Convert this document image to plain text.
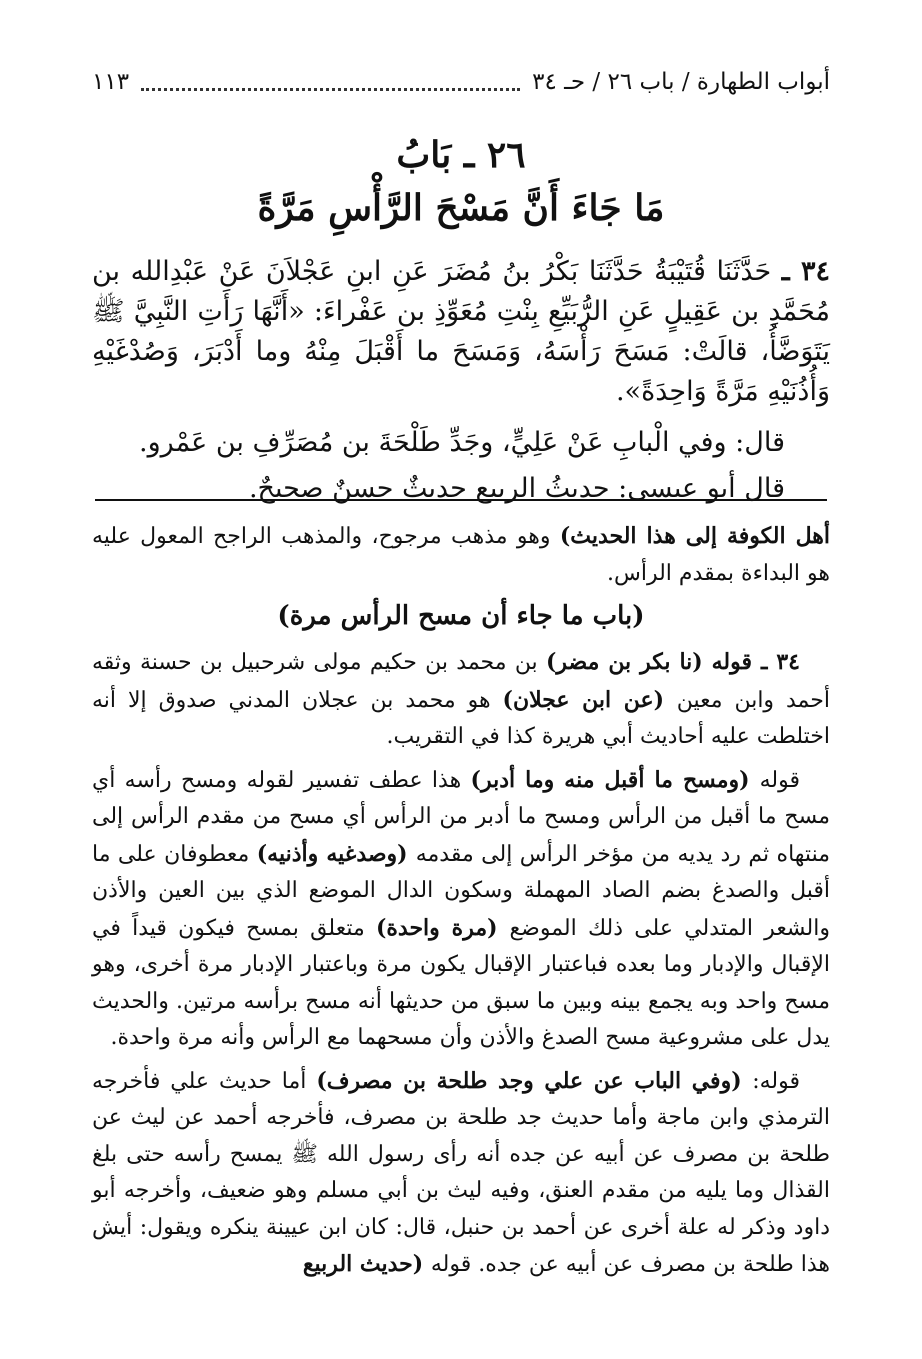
أبواب الطهارة / باب ٢٦ / حـ ٣٤
١١٣
٢٦ ـ بَابُ
مَا جَاءَ أَنَّ مَسْحَ الرَّأْسِ مَرَّةً

٣٤ ـ حَدَّثَنَا قُتَيْبَةُ حَدَّثَنَا بَكْرُ بنُ مُضَرَ عَنِ ابنِ عَجْلاَنَ عَنْ عَبْدِالله بن مُحَمَّدِ بن عَقِيلٍ عَنِ الرُّبَيِّعِ بِنْتِ مُعَوِّذِ بن عَفْراءَ: «أَنَّهَا رَأَتِ النَّبِيَّ ﷺ يَتَوَضَّأُ، قالَتْ: مَسَحَ رَأْسَهُ، وَمَسَحَ ما أَقْبَلَ مِنْهُ وما أَدْبَرَ، وَصُدْغَيْهِ وَأُذُنَيْهِ مَرَّةً وَاحِدَةً».

قال: وفي الْبابِ عَنْ عَلِيٍّ، وجَدِّ طَلْحَةَ بن مُصَرِّفِ بن عَمْرو.
قال أبو عيسى: حديثُ الربيع حديثٌ حسنٌ صحيحٌ.

أهل الكوفة إلى هذا الحديث) وهو مذهب مرجوح، والمذهب الراجح المعول عليه هو البداءة بمقدم الرأس.

(باب ما جاء أن مسح الرأس مرة)

٣٤ ـ قوله (نا بكر بن مضر) بن محمد بن حكيم مولى شرحبيل بن حسنة وثقه أحمد وابن معين (عن ابن عجلان) هو محمد بن عجلان المدني صدوق إلا أنه اختلطت عليه أحاديث أبي هريرة كذا في التقريب.

قوله (ومسح ما أقبل منه وما أدبر) هذا عطف تفسير لقوله ومسح رأسه أي مسح ما أقبل من الرأس ومسح ما أدبر من الرأس أي مسح من مقدم الرأس إلى منتهاه ثم رد يديه من مؤخر الرأس إلى مقدمه (وصدغيه وأذنيه) معطوفان على ما أقبل والصدغ بضم الصاد المهملة وسكون الدال الموضع الذي بين العين والأذن والشعر المتدلي على ذلك الموضع (مرة واحدة) متعلق بمسح فيكون قيداً في الإقبال والإدبار وما بعده فباعتبار الإقبال يكون مرة وباعتبار الإدبار مرة أخرى، وهو مسح واحد وبه يجمع بينه وبين ما سبق من حديثها أنه مسح برأسه مرتين. والحديث يدل على مشروعية مسح الصدغ والأذن وأن مسحهما مع الرأس وأنه مرة واحدة.

قوله: (وفي الباب عن علي وجد طلحة بن مصرف) أما حديث علي فأخرجه الترمذي وابن ماجة وأما حديث جد طلحة بن مصرف، فأخرجه أحمد عن ليث عن طلحة بن مصرف عن أبيه عن جده أنه رأى رسول الله ﷺ يمسح رأسه حتى بلغ القذال وما يليه من مقدم العنق، وفيه ليث بن أبي مسلم وهو ضعيف، وأخرجه أبو داود وذكر له علة أخرى عن أحمد بن حنبل، قال: كان ابن عيينة ينكره ويقول: أيش هذا طلحة بن مصرف عن أبيه عن جده. قوله (حديث الربيع
